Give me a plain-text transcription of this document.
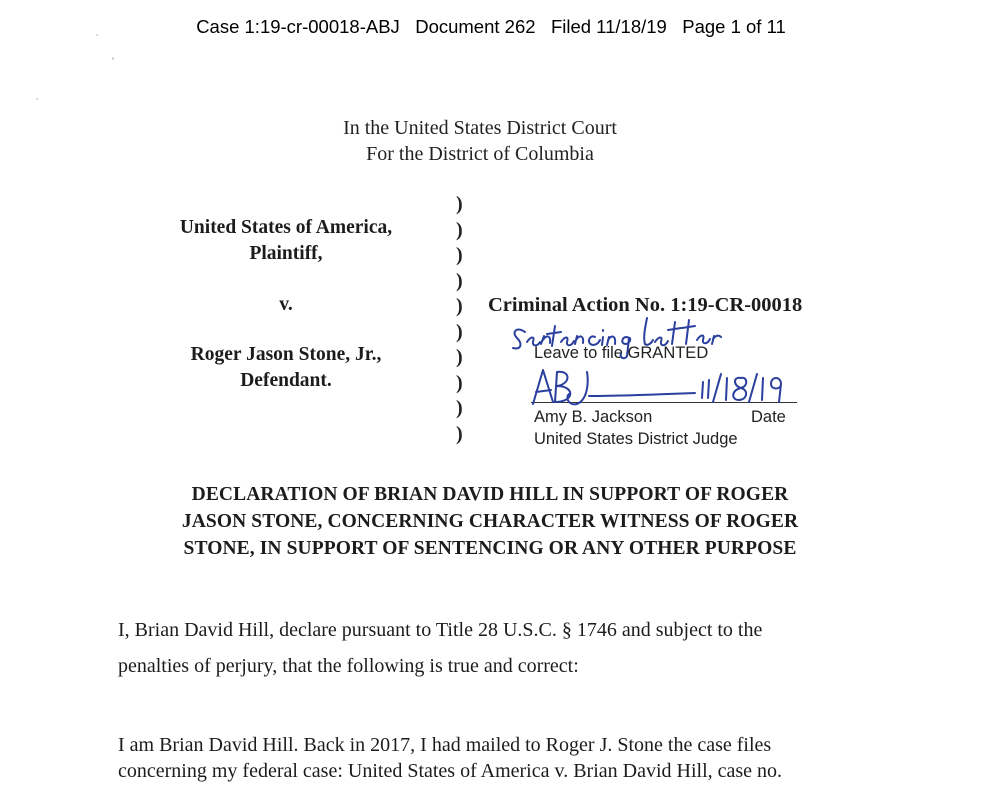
Case 1:19-cr-00018-ABJ   Document 262   Filed 11/18/19   Page 1 of 11
In the United States District Court
For the District of Columbia
United States of America,
Plaintiff,
v.
Roger Jason Stone, Jr.,
Defendant.
)
)
)
)
)
)
)
)
)
)
Criminal Action No. 1:19-CR-00018
Leave to file GRANTED
Amy B. Jackson	Date
United States District Judge
DECLARATION OF BRIAN DAVID HILL IN SUPPORT OF ROGER
JASON STONE, CONCERNING CHARACTER WITNESS OF ROGER
STONE, IN SUPPORT OF SENTENCING OR ANY OTHER PURPOSE
I, Brian David Hill, declare pursuant to Title 28 U.S.C. § 1746 and subject to the
penalties of perjury, that the following is true and correct:
I am Brian David Hill. Back in 2017, I had mailed to Roger J. Stone the case files
concerning my federal case: United States of America v. Brian David Hill, case no.
